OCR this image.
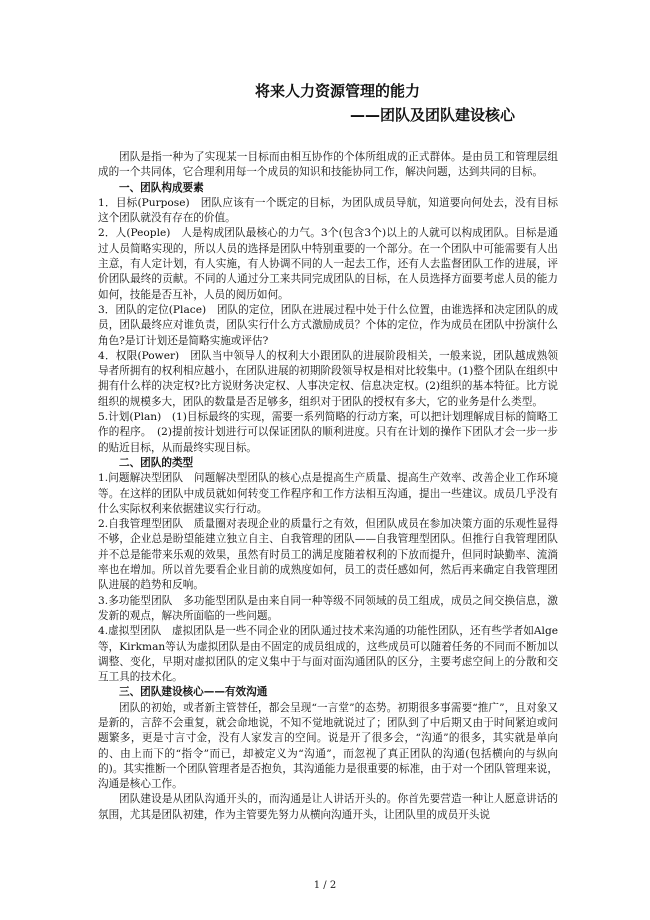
将来人力资源管理的能力
——团队及团队建设核心

团队是指一种为了实现某一目标而由相互协作的个体所组成的正式群体。是由员工和管理层组成的一个共同体，它合理利用每一个成员的知识和技能协同工作，解决问题，达到共同的目标。

一、团队构成要素

1．目标(Purpose)　团队应该有一个既定的目标，为团队成员导航，知道要向何处去，没有目标这个团队就没有存在的价值。

2．人(People)　人是构成团队最核心的力气。3个(包含3个)以上的人就可以构成团队。目标是通过人员简略实现的，所以人员的选择是团队中特别重要的一个部分。在一个团队中可能需要有人出主意，有人定计划，有人实施，有人协调不同的人一起去工作，还有人去监督团队工作的进展，评价团队最终的贡献。不同的人通过分工来共同完成团队的目标，在人员选择方面要考虑人员的能力如何，技能是否互补，人员的阅历如何。

3．团队的定位(Place)　团队的定位，团队在进展过程中处于什么位置，由谁选择和决定团队的成员，团队最终应对谁负责，团队实行什么方式激励成员？个体的定位，作为成员在团队中扮演什么角色?是订计划还是简略实施或评估?

4．权限(Power)　团队当中领导人的权利大小跟团队的进展阶段相关，一般来说，团队越成熟领导者所拥有的权利相应越小，在团队进展的初期阶段领导权是相对比较集中。(1)整个团队在组织中拥有什么样的决定权?比方说财务决定权、人事决定权、信息决定权。(2)组织的基本特征。比方说组织的规模多大，团队的数量是否足够多，组织对于团队的授权有多大，它的业务是什么类型。

5.计划(Plan)　(1)目标最终的实现，需要一系列简略的行动方案，可以把计划理解成目标的简略工作的程序。　(2)提前按计划进行可以保证团队的顺利进度。只有在计划的操作下团队才会一步一步的贴近目标，从而最终实现目标。

二、团队的类型

1.问题解决型团队　问题解决型团队的核心点是提高生产质量、提高生产效率、改善企业工作环境等。在这样的团队中成员就如何转变工作程序和工作方法相互沟通，提出一些建议。成员几乎没有什么实际权利来依据建议实行行动。

2.自我管理型团队　质量圈对表现企业的质量行之有效，但团队成员在参加决策方面的乐观性显得不够，企业总是盼望能建立独立自主、自我管理的团队——自我管理型团队。但推行自我管理团队并不总是能带来乐观的效果，虽然有时员工的满足度随着权利的下放而提升，但同时缺勤率、流淌率也在增加。所以首先要看企业目前的成熟度如何，员工的责任感如何，然后再来确定自我管理团队进展的趋势和反响。

3.多功能型团队　多功能型团队是由来自同一种等级不同领域的员工组成，成员之间交换信息，激发新的观点，解决所面临的一些问题。

4.虚拟型团队　虚拟团队是一些不同企业的团队通过技术来沟通的功能性团队，还有些学者如Alge等，Kirkman等认为虚拟团队是由不固定的成员组成的，这些成员可以随着任务的不同而不断加以调整、变化，早期对虚拟团队的定义集中于与面对面沟通团队的区分，主要考虑空间上的分散和交互工具的技术化。

三、团队建设核心——有效沟通

团队的初始，或者新主管替任，都会呈现“一言堂”的态势。初期很多事需要“推广”，且对象又是新的，言辞不会重复，就会命地说，不知不觉地就说过了；团队到了中后期又由于时间紧迫或问题繁多，更是寸言寸金，没有人家发言的空间。说是开了很多会，“沟通”的很多，其实就是单向的、由上而下的“指令”而已，却被定义为“沟通”，而忽视了真正团队的沟通(包括横向的与纵向的)。其实推断一个团队管理者是否抱负，其沟通能力是很重要的标准，由于对一个团队管理来说，沟通是核心工作。

团队建设是从团队沟通开头的，而沟通是让人讲话开头的。你首先要营造一种让人愿意讲话的氛围，尤其是团队初建，作为主管要先努力从横向沟通开头，让团队里的成员开头说

1 / 2
